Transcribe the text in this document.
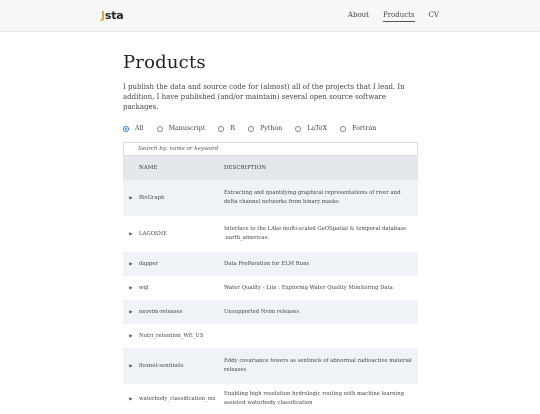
Jsta	About Products CV
Products

I publish the data and source code for (almost) all of the projects that I lead. In addition, I have published (and/or maintain) several open source software packages.

All	Manuscript	R	Python	LaTeX	Fortran
Search by: name or keyword
	NAME	DESCRIPTION
▶	RivGraph	Extracting and quantifying graphical representations of river and delta channel networks from binary masks
▶	LAGOSNE	Interface to the LAke multi-scaled GeOSpatial & temporal database :earth_americas:
▶	dapper	Data PreParation for ELM Runs
▶	wql	Water Quality - Lite : Exploring Water Quality Monitoring Data
▶	neovim-releases	Unsupported Nvim releases
▶	Nutri_retention_WE_US	
▶	fluxnet-sentinels	Eddy covariance towers as sentinels of abnormal radioactive material releases
▶	waterbody_classification_ms	Enabling high resolution hydrologic routing with machine learning assisted waterbody classification
